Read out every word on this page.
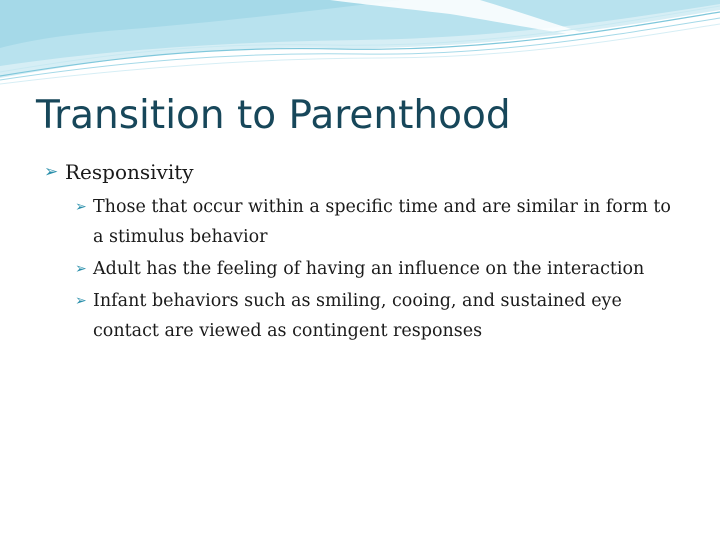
Transition to Parenthood
➢ Responsivity
➢ Those that occur within a specific time and are similar in form to a stimulus behavior
➢ Adult has the feeling of having an influence on the interaction
➢ Infant behaviors such as smiling, cooing, and sustained eye contact are viewed as contingent responses
